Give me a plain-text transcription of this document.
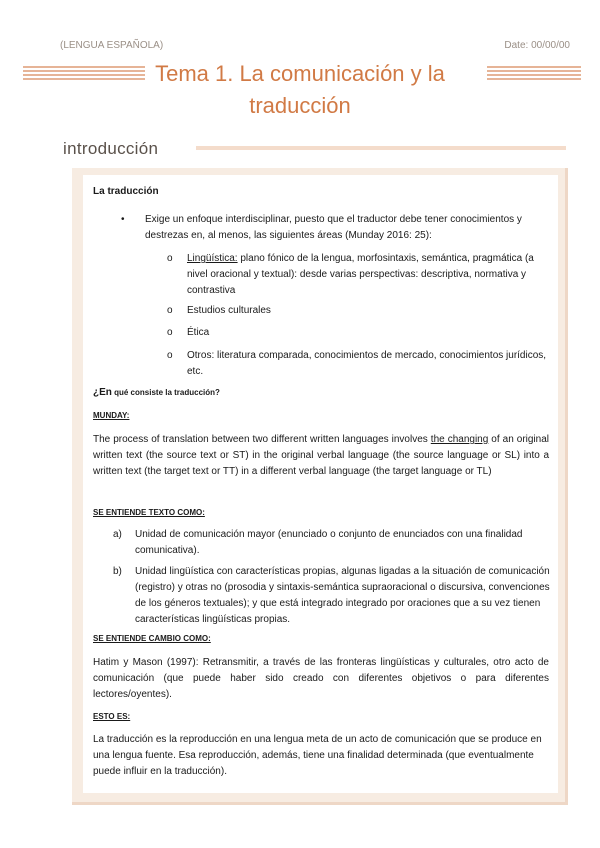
(LENGUA ESPAÑOLA)	Date: 00/00/00
Tema 1. La comunicación y la traducción
introducción
La traducción
• Exige un enfoque interdisciplinar, puesto que el traductor debe tener conocimientos y destrezas en, al menos, las siguientes áreas (Munday 2016: 25):
o Lingüística: plano fónico de la lengua, morfosintaxis, semántica, pragmática (a nivel oracional y textual): desde varias perspectivas: descriptiva, normativa y contrastiva
o Estudios culturales
o Ética
o Otros: literatura comparada, conocimientos de mercado, conocimientos jurídicos, etc.
¿En qué consiste la traducción?
MUNDAY:
The process of translation between two different written languages involves the changing of an original written text (the source text or ST) in the original verbal language (the source language or SL) into a written text (the target text or TT) in a different verbal language (the target language or TL)
SE ENTIENDE TEXTO COMO:
a) Unidad de comunicación mayor (enunciado o conjunto de enunciados con una finalidad comunicativa).
b) Unidad lingüística con características propias, algunas ligadas a la situación de comunicación (registro) y otras no (prosodia y sintaxis-semántica supraoracional o discursiva, convenciones de los géneros textuales); y que está integrado integrado por oraciones que a su vez tienen características lingüísticas propias.
SE ENTIENDE CAMBIO COMO:
Hatim y Mason (1997): Retransmitir, a través de las fronteras lingüísticas y culturales, otro acto de comunicación (que puede haber sido creado con diferentes objetivos o para diferentes lectores/oyentes).
ESTO ES:
La traducción es la reproducción en una lengua meta de un acto de comunicación que se produce en una lengua fuente. Esa reproducción, además, tiene una finalidad determinada (que eventualmente puede influir en la traducción).
